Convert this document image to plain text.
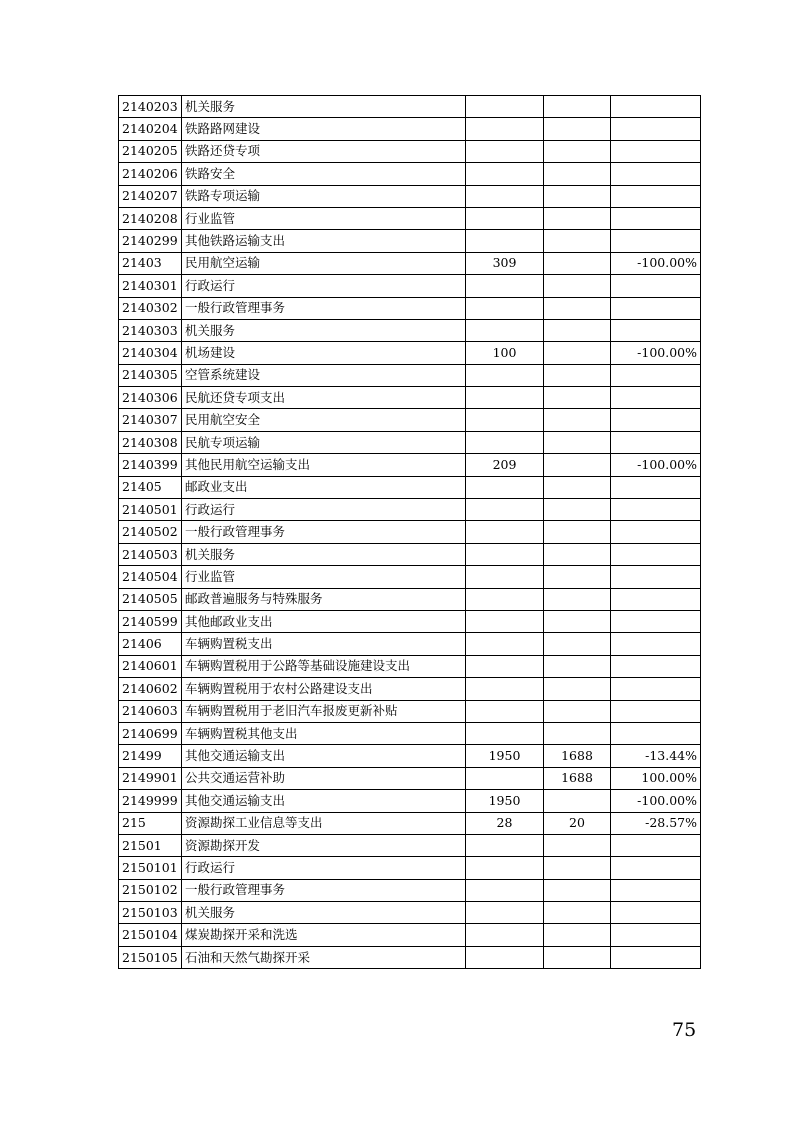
2140203	机关服务			
2140204	铁路路网建设			
2140205	铁路还贷专项			
2140206	铁路安全			
2140207	铁路专项运输			
2140208	行业监管			
2140299	其他铁路运输支出			
21403	民用航空运输	309		-100.00%
2140301	行政运行			
2140302	一般行政管理事务			
2140303	机关服务			
2140304	机场建设	100		-100.00%
2140305	空管系统建设			
2140306	民航还贷专项支出			
2140307	民用航空安全			
2140308	民航专项运输			
2140399	其他民用航空运输支出	209		-100.00%
21405	邮政业支出			
2140501	行政运行			
2140502	一般行政管理事务			
2140503	机关服务			
2140504	行业监管			
2140505	邮政普遍服务与特殊服务			
2140599	其他邮政业支出			
21406	车辆购置税支出			
2140601	车辆购置税用于公路等基础设施建设支出			
2140602	车辆购置税用于农村公路建设支出			
2140603	车辆购置税用于老旧汽车报废更新补贴			
2140699	车辆购置税其他支出			
21499	其他交通运输支出	1950	1688	-13.44%
2149901	公共交通运营补助		1688	100.00%
2149999	其他交通运输支出	1950		-100.00%
215	资源勘探工业信息等支出	28	20	-28.57%
21501	资源勘探开发			
2150101	行政运行			
2150102	一般行政管理事务			
2150103	机关服务			
2150104	煤炭勘探开采和洗选			
2150105	石油和天然气勘探开采			
75
